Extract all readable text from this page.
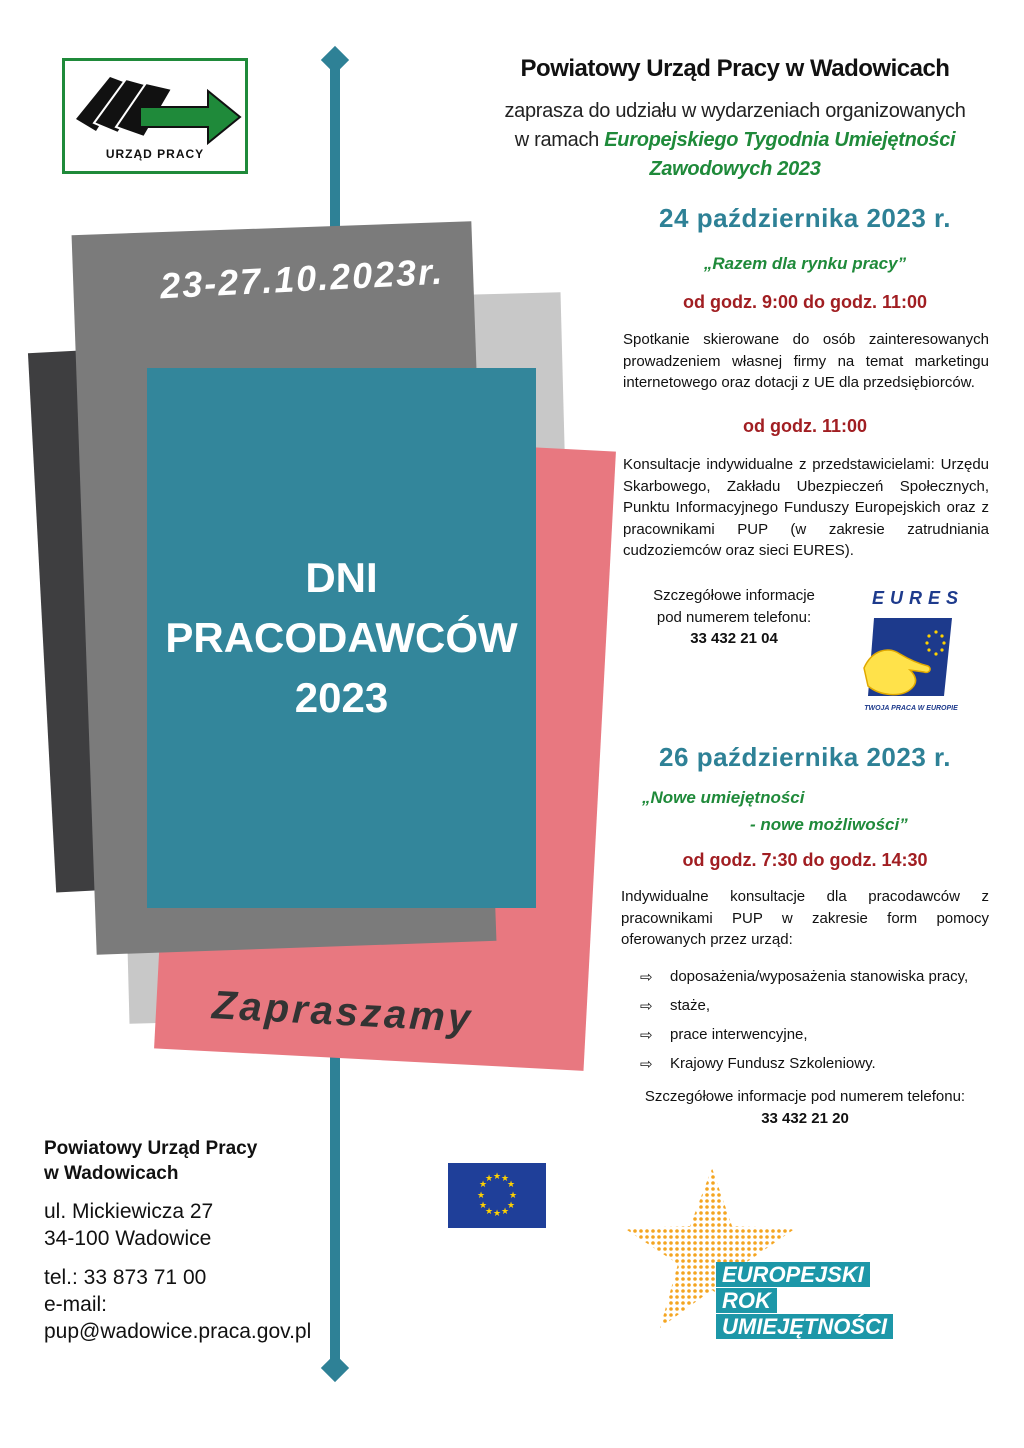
URZĄD PRACY
Powiatowy Urząd Pracy w Wadowicach
zaprasza do udziału w wydarzeniach organizowanych
w ramach Europejskiego Tygodnia Umiejętności
Zawodowych 2023
23-27.10.2023r.
DNI
PRACODAWCÓW
2023
Zapraszamy
24 października 2023 r.
„Razem dla rynku pracy”
od godz. 9:00 do godz. 11:00
Spotkanie skierowane do osób zainteresowanych prowadzeniem własnej firmy na temat marketingu internetowego oraz dotacji z UE dla przedsiębiorców.
od godz. 11:00
Konsultacje indywidualne z przedstawicielami: Urzędu Skarbowego, Zakładu Ubezpieczeń Społecznych, Punktu Informacyjnego Funduszy Europejskich oraz z pracownikami PUP (w zakresie zatrudniania cudzoziemców oraz sieci EURES).
Szczegółowe informacje
pod numerem telefonu:
33 432 21 04
EURES
TWOJA PRACA W EUROPIE
26 października 2023 r.
„Nowe umiejętności
- nowe możliwości”
od godz. 7:30 do godz. 14:30
Indywidualne konsultacje dla pracodawców z pracownikami PUP w zakresie form pomocy oferowanych przez urząd:
⇨	doposażenia/wyposażenia stanowiska pracy,
⇨	staże,
⇨	prace interwencyjne,
⇨	Krajowy Fundusz Szkoleniowy.
Szczegółowe informacje pod numerem telefonu:
33 432 21 20
Powiatowy Urząd Pracy
w Wadowicach
ul. Mickiewicza 27
34-100 Wadowice
tel.: 33 873 71 00
e-mail:
pup@wadowice.praca.gov.pl
★ ★
★
★
★
★
★
★
★
★
★
★
EUROPEJSKI
ROK
UMIEJĘTNOŚCI
